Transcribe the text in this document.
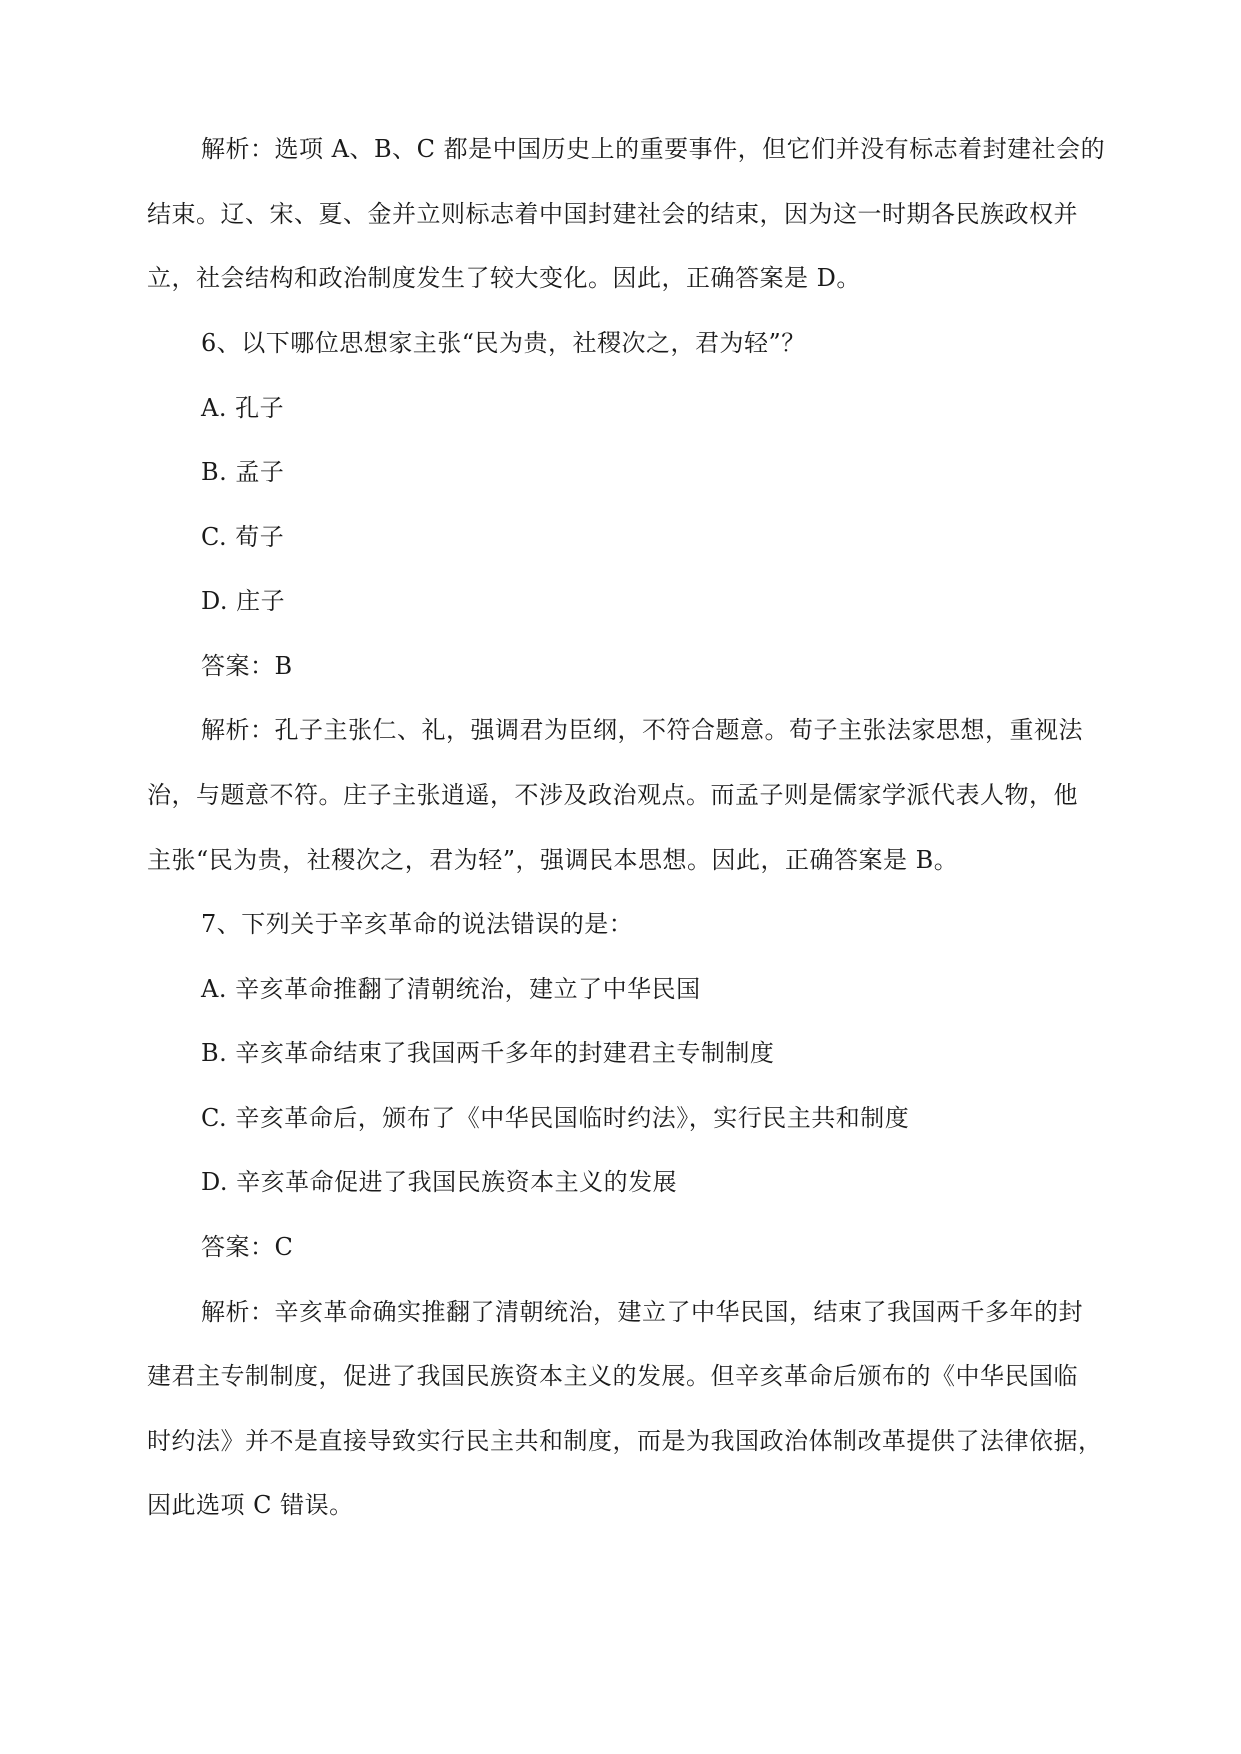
解析：选项 A、B、C 都是中国历史上的重要事件，但它们并没有标志着封建社会的
结束。辽、宋、夏、金并立则标志着中国封建社会的结束，因为这一时期各民族政权并
立，社会结构和政治制度发生了较大变化。因此，正确答案是 D。
6、以下哪位思想家主张“民为贵，社稷次之，君为轻”？
A. 孔子
B. 孟子
C. 荀子
D. 庄子
答案：B
解析：孔子主张仁、礼，强调君为臣纲，不符合题意。荀子主张法家思想，重视法
治，与题意不符。庄子主张逍遥，不涉及政治观点。而孟子则是儒家学派代表人物，他
主张“民为贵，社稷次之，君为轻”，强调民本思想。因此，正确答案是 B。
7、下列关于辛亥革命的说法错误的是：
A. 辛亥革命推翻了清朝统治，建立了中华民国
B. 辛亥革命结束了我国两千多年的封建君主专制制度
C. 辛亥革命后，颁布了《中华民国临时约法》，实行民主共和制度
D. 辛亥革命促进了我国民族资本主义的发展
答案：C
解析：辛亥革命确实推翻了清朝统治，建立了中华民国，结束了我国两千多年的封
建君主专制制度，促进了我国民族资本主义的发展。但辛亥革命后颁布的《中华民国临
时约法》并不是直接导致实行民主共和制度，而是为我国政治体制改革提供了法律依据，
因此选项 C 错误。
